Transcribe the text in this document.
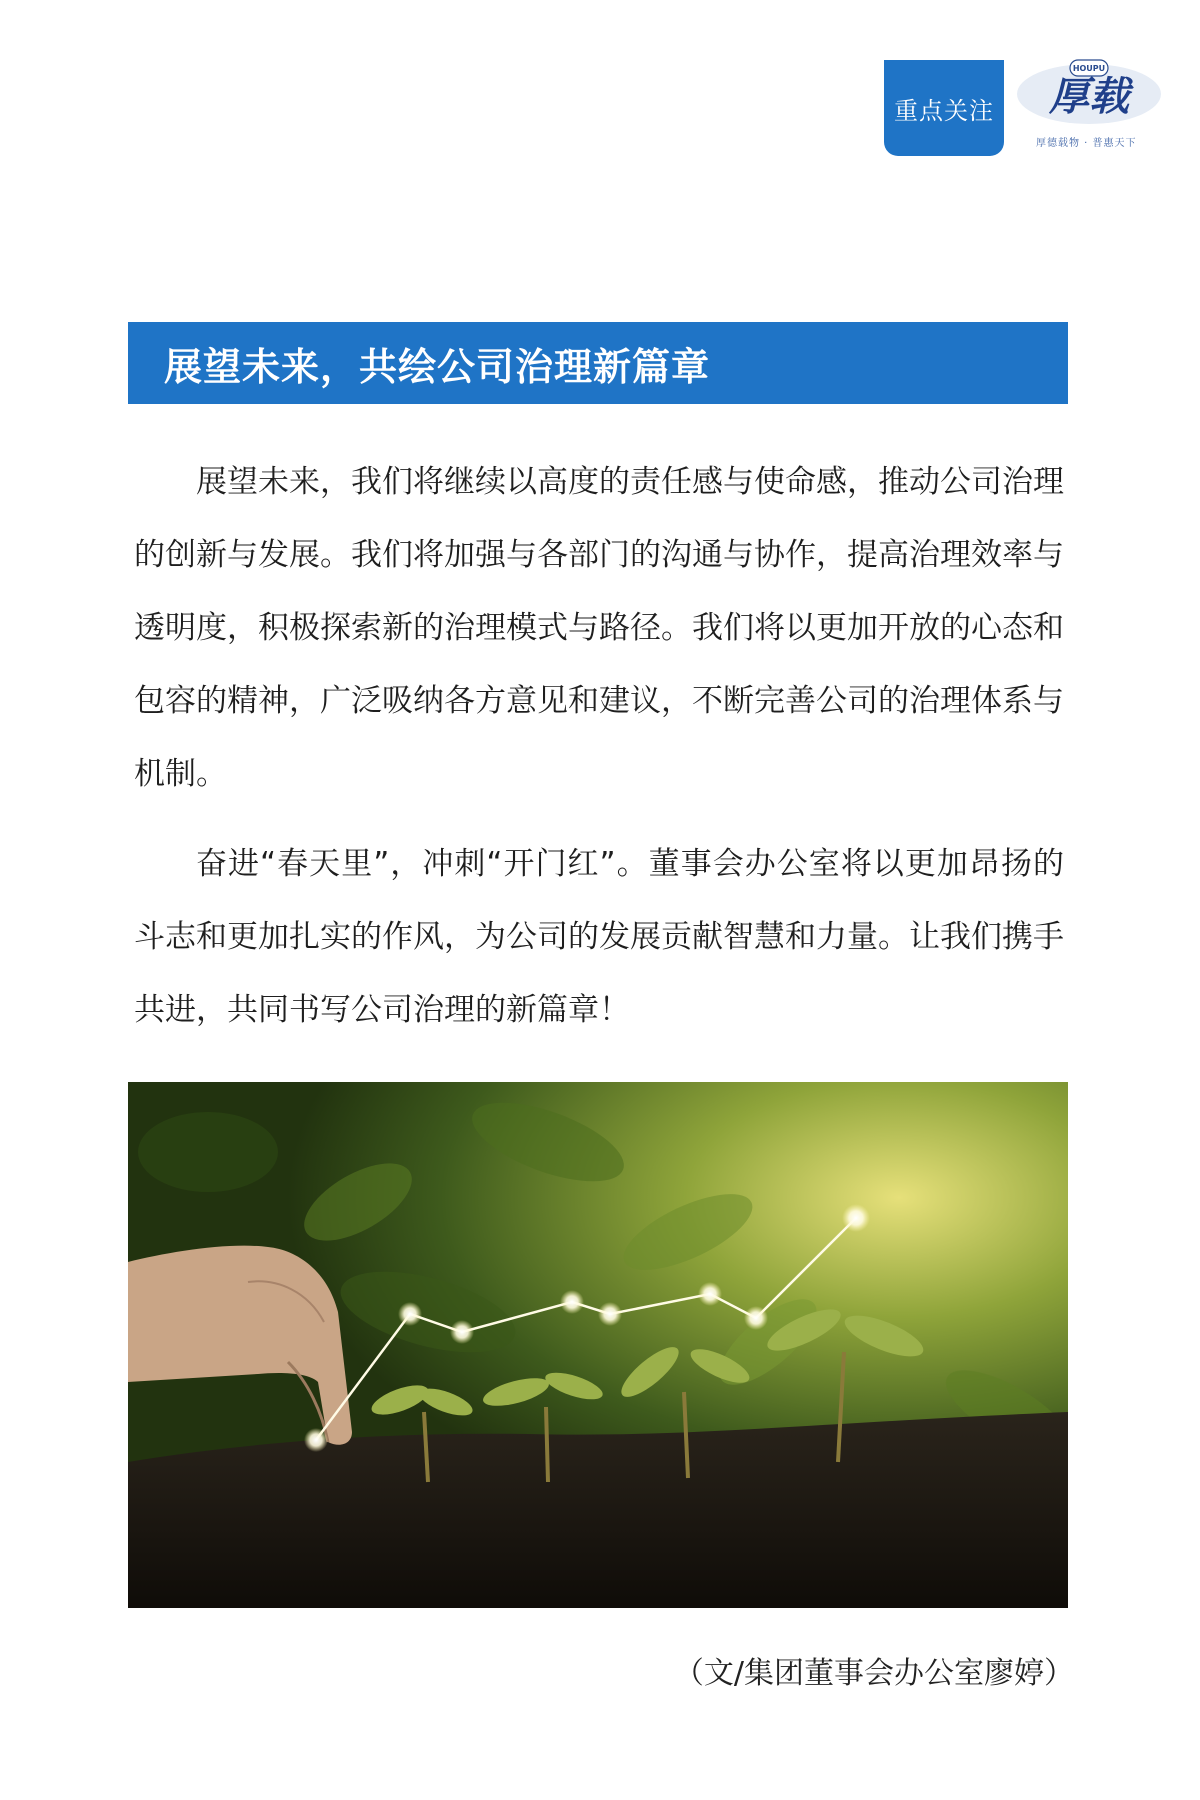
重点关注
HOUPU
厚载
厚德载物 · 普惠天下
展望未来，共绘公司治理新篇章

展望未来，我们将继续以高度的责任感与使命感，推动公司治理的创新与发展。我们将加强与各部门的沟通与协作，提高治理效率与透明度，积极探索新的治理模式与路径。我们将以更加开放的心态和包容的精神，广泛吸纳各方意见和建议，不断完善公司的治理体系与机制。

奋进“春天里”，冲刺“开门红”。董事会办公室将以更加昂扬的斗志和更加扎实的作风，为公司的发展贡献智慧和力量。让我们携手共进，共同书写公司治理的新篇章！

（文/集团董事会办公室廖婷）
